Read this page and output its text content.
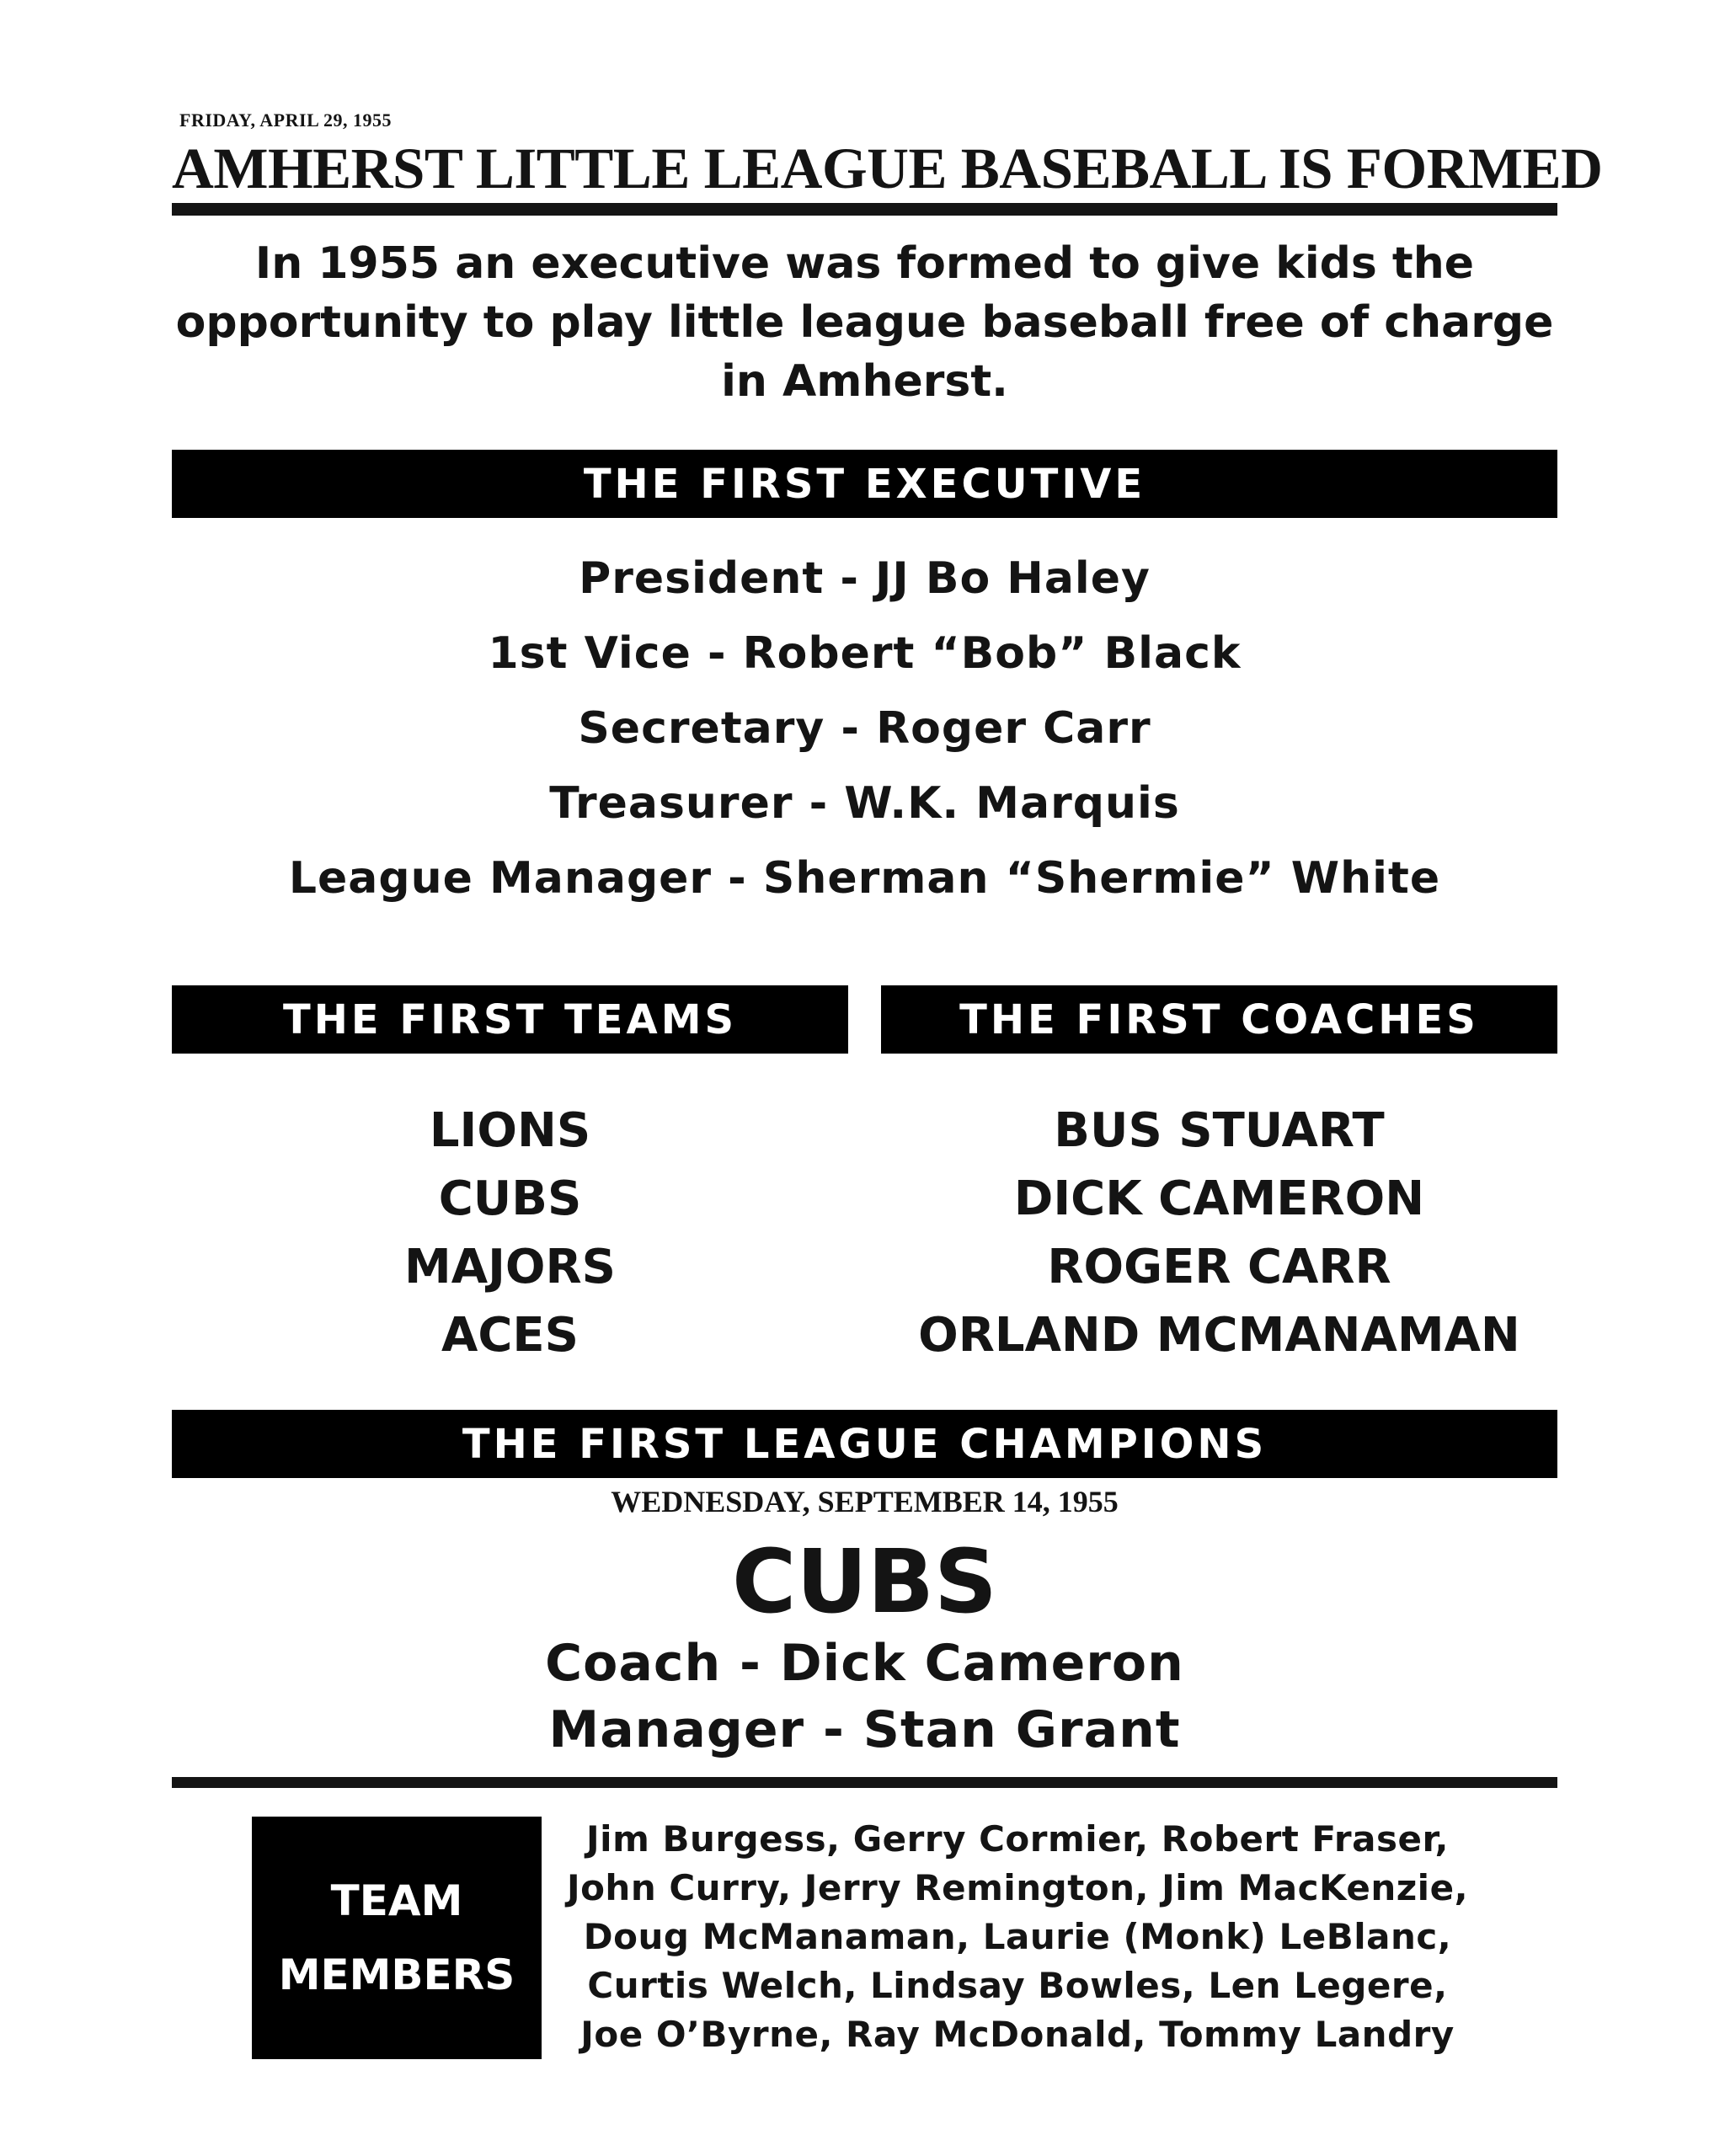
FRIDAY, APRIL 29, 1955
AMHERST LITTLE LEAGUE BASEBALL IS FORMED
In 1955 an executive was formed to give kids the
opportunity to play little league baseball free of charge
in Amherst.
THE FIRST EXECUTIVE
President - JJ Bo Haley
1st Vice - Robert “Bob” Black
Secretary - Roger Carr
Treasurer - W.K. Marquis
League Manager - Sherman “Shermie” White
THE FIRST TEAMS	THE FIRST COACHES
LIONS
CUBS
MAJORS
ACES
BUS STUART
DICK CAMERON
ROGER CARR
ORLAND MCMANAMAN
THE FIRST LEAGUE CHAMPIONS
WEDNESDAY, SEPTEMBER 14, 1955
CUBS
Coach - Dick Cameron
Manager - Stan Grant
TEAM
MEMBERS
Jim Burgess, Gerry Cormier, Robert Fraser,
John Curry, Jerry Remington, Jim MacKenzie,
Doug McManaman, Laurie (Monk) LeBlanc,
Curtis Welch, Lindsay Bowles, Len Legere,
Joe O’Byrne, Ray McDonald, Tommy Landry
